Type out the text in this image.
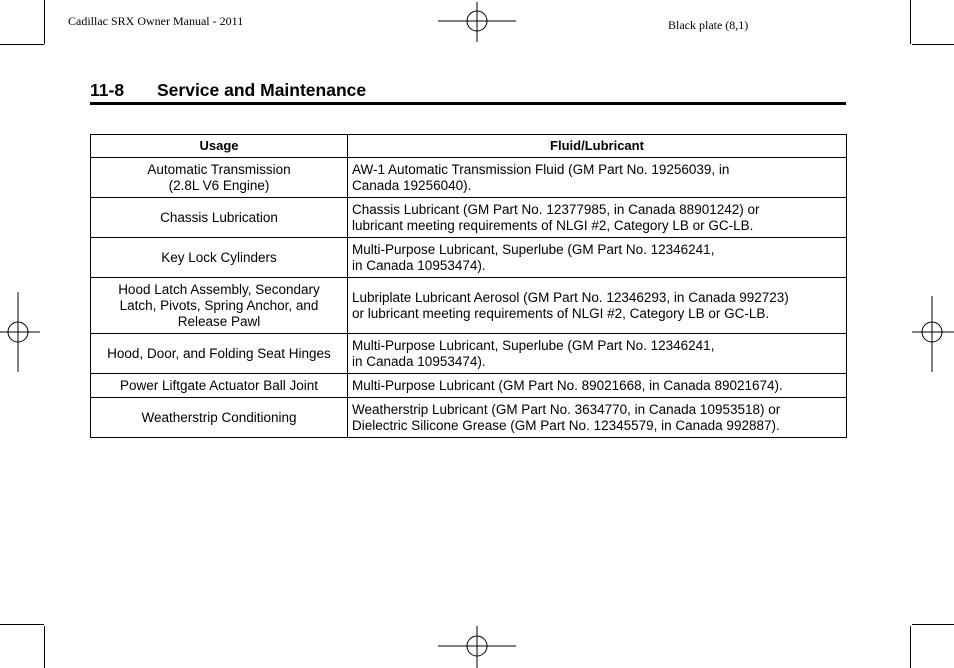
Cadillac SRX Owner Manual - 2011	Black plate (8,1)
11-8 Service and Maintenance
Usage	Fluid/Lubricant
Automatic Transmission
(2.8L V6 Engine)	AW-1 Automatic Transmission Fluid (GM Part No. 19256039, in
Canada 19256040).
Chassis Lubrication	Chassis Lubricant (GM Part No. 12377985, in Canada 88901242) or
lubricant meeting requirements of NLGI #2, Category LB or GC-LB.
Key Lock Cylinders	Multi-Purpose Lubricant, Superlube (GM Part No. 12346241,
in Canada 10953474).
Hood Latch Assembly, Secondary
Latch, Pivots, Spring Anchor, and
Release Pawl	Lubriplate Lubricant Aerosol (GM Part No. 12346293, in Canada 992723)
or lubricant meeting requirements of NLGI #2, Category LB or GC-LB.
Hood, Door, and Folding Seat Hinges	Multi-Purpose Lubricant, Superlube (GM Part No. 12346241,
in Canada 10953474).
Power Liftgate Actuator Ball Joint	Multi-Purpose Lubricant (GM Part No. 89021668, in Canada 89021674).
Weatherstrip Conditioning	Weatherstrip Lubricant (GM Part No. 3634770, in Canada 10953518) or
Dielectric Silicone Grease (GM Part No. 12345579, in Canada 992887).
